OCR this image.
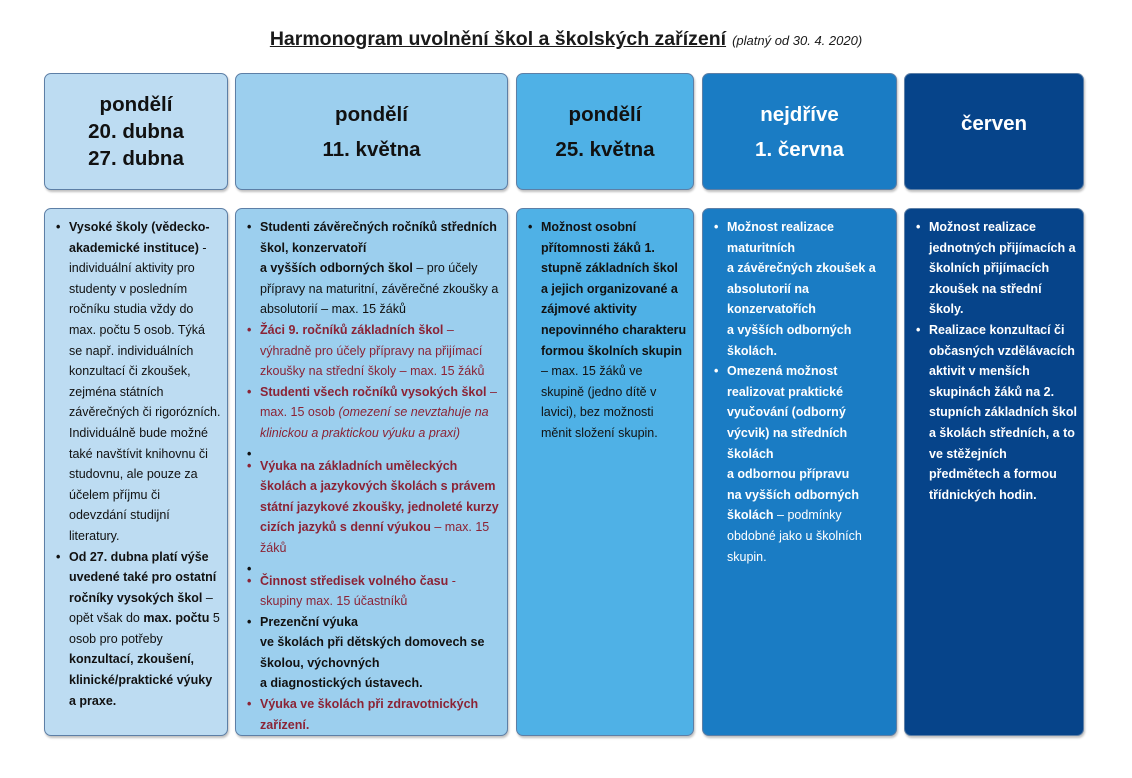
Harmonogram uvolnění škol a školských zařízení (platný od 30. 4. 2020)
pondělí
20. dubna
27. dubna
pondělí
11. května
pondělí
25. května
nejdříve
1. června
červen
• Vysoké školy (vědecko-akademické instituce) - individuální aktivity pro studenty v posledním ročníku studia vždy do max. počtu 5 osob. Týká se např. individuálních konzultací či zkoušek, zejména státních závěrečných či rigorózních. Individuálně bude možné také navštívit knihovnu či studovnu, ale pouze za účelem příjmu či odevzdání studijní literatury.
• Od 27. dubna platí výše uvedené také pro ostatní ročníky vysokých škol – opět však do max. počtu 5 osob pro potřeby konzultací, zkoušení, klinické/praktické výuky a praxe.
• Studenti závěrečných ročníků středních škol, konzervatoří
a vyšších odborných škol – pro účely přípravy na maturitní, závěrečné zkoušky a absolutorií – max. 15 žáků
• Žáci 9. ročníků základních škol – výhradně pro účely přípravy na přijímací zkoušky na střední školy – max. 15 žáků
• Studenti všech ročníků vysokých škol – max. 15 osob (omezení se nevztahuje na klinickou a praktickou výuku a praxi)
•
• Výuka na základních uměleckých školách a jazykových školách s právem státní jazykové zkoušky, jednoleté kurzy cizích jazyků s denní výukou – max. 15 žáků
•
• Činnost středisek volného času - skupiny max. 15 účastníků
• Prezenční výuka
ve školách při dětských domovech se školou, výchovných
a diagnostických ústavech.
• Výuka ve školách při zdravotnických zařízení.
• Možnost osobní přítomnosti žáků 1. stupně základních škol a jejich organizované a zájmové aktivity nepovinného charakteru formou školních skupin – max. 15 žáků ve skupině (jedno dítě v lavici), bez možnosti měnit složení skupin.
• Možnost realizace maturitních
a závěrečných zkoušek a absolutorií na konzervatořích
a vyšších odborných školách.
• Omezená možnost realizovat praktické vyučování (odborný výcvik) na středních školách
a odbornou přípravu
na vyšších odborných školách – podmínky obdobné jako u školních skupin.
• Možnost realizace jednotných přijímacích a školních přijímacích zkoušek na střední školy.
• Realizace konzultací či občasných vzdělávacích aktivit v menších skupinách žáků na 2. stupních základních škol a školách středních, a to ve stěžejních předmětech a formou třídnických hodin.
